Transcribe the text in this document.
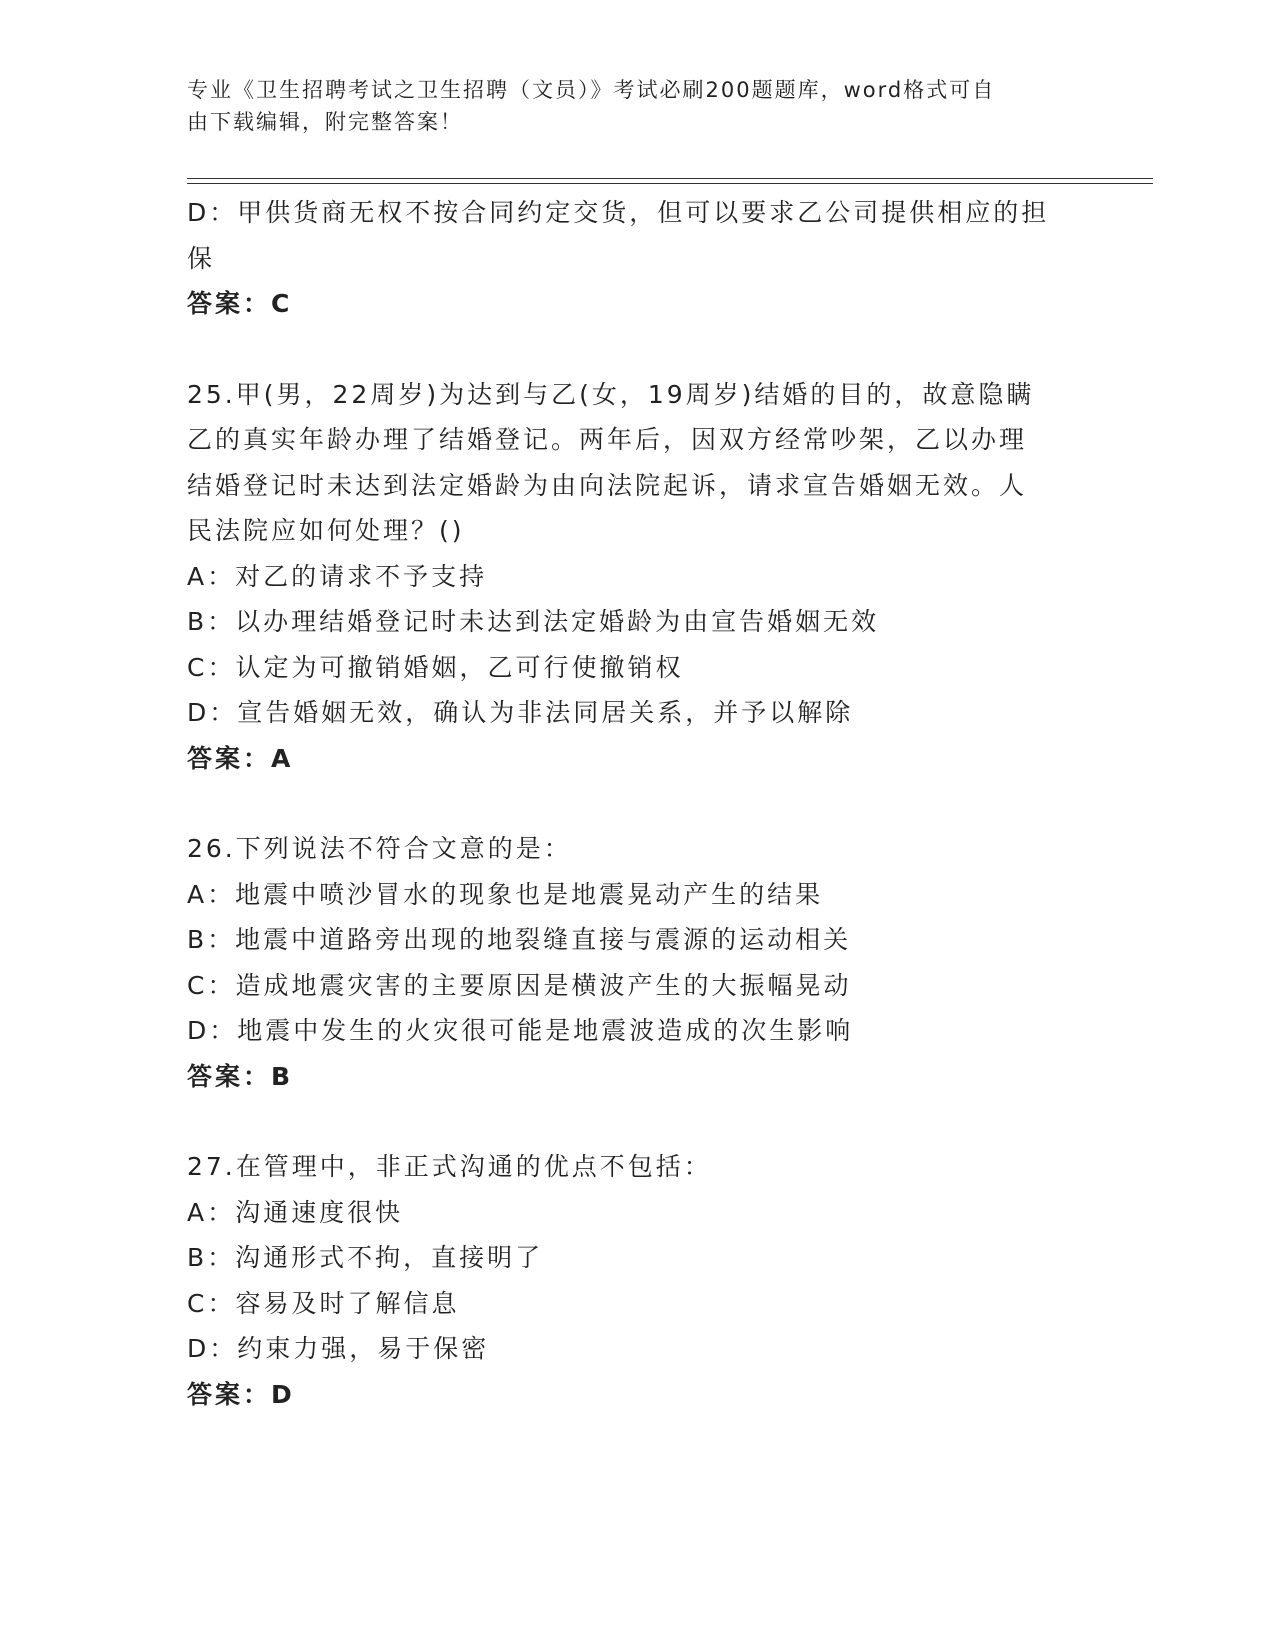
专业《卫生招聘考试之卫生招聘（文员）》考试必刷200题题库，word格式可自
由下载编辑，附完整答案！
D：甲供货商无权不按合同约定交货，但可以要求乙公司提供相应的担
保
答案：C
25.甲(男，22周岁)为达到与乙(女，19周岁)结婚的目的，故意隐瞒
乙的真实年龄办理了结婚登记。两年后，因双方经常吵架，乙以办理
结婚登记时未达到法定婚龄为由向法院起诉，请求宣告婚姻无效。人
民法院应如何处理？()
A：对乙的请求不予支持
B：以办理结婚登记时未达到法定婚龄为由宣告婚姻无效
C：认定为可撤销婚姻，乙可行使撤销权
D：宣告婚姻无效，确认为非法同居关系，并予以解除
答案：A
26.下列说法不符合文意的是：
A：地震中喷沙冒水的现象也是地震晃动产生的结果
B：地震中道路旁出现的地裂缝直接与震源的运动相关
C：造成地震灾害的主要原因是横波产生的大振幅晃动
D：地震中发生的火灾很可能是地震波造成的次生影响
答案：B
27.在管理中，非正式沟通的优点不包括：
A：沟通速度很快
B：沟通形式不拘，直接明了
C：容易及时了解信息
D：约束力强，易于保密
答案：D
